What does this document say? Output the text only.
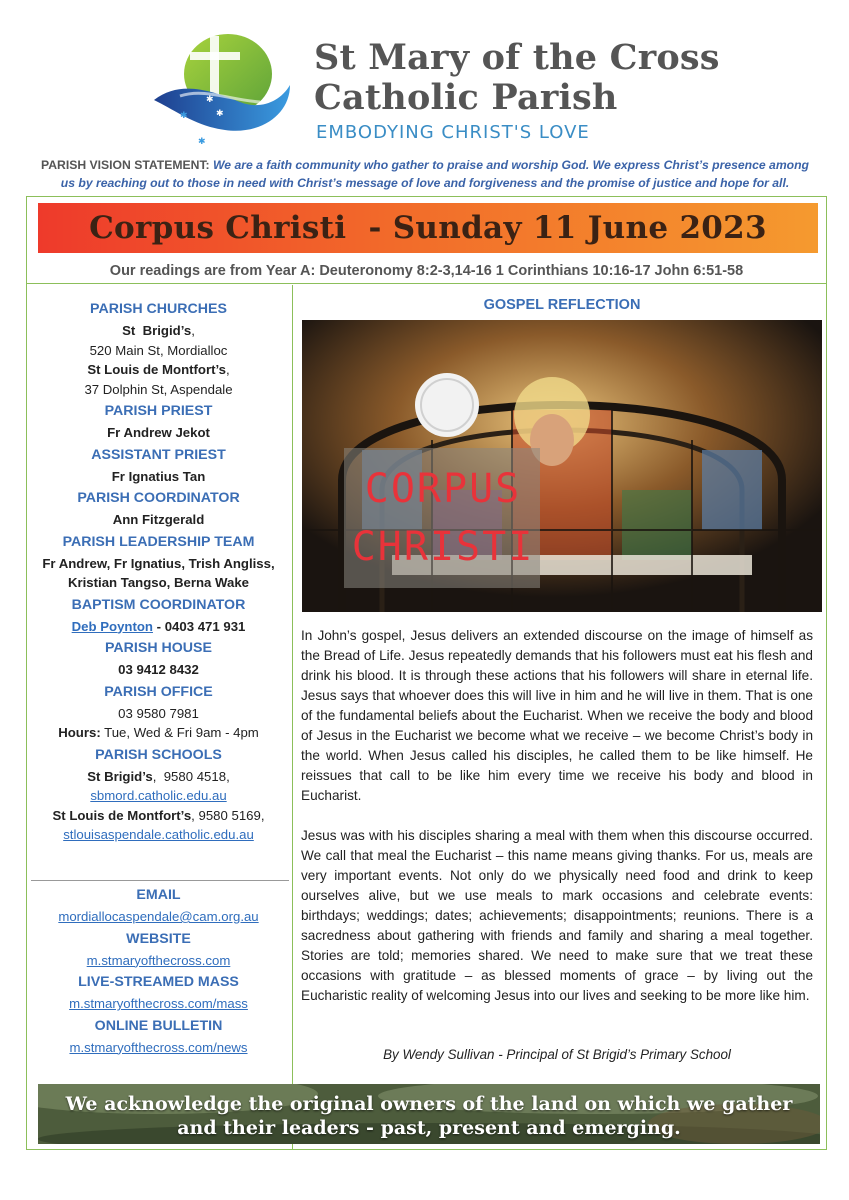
✱
✱
✱
✱
St Mary of the Cross
Catholic Parish
EMBODYING CHRIST'S LOVE
PARISH VISION STATEMENT: We are a faith community who gather to praise and worship God. We express Christ’s presence among
us by reaching out to those in need with Christ’s message of love and forgiveness and the promise of justice and hope for all.
Corpus Christi  - Sunday 11 June 2023
Our readings are from Year A: Deuteronomy 8:2-3,14-16 1 Corinthians 10:16-17 John 6:51-58
PARISH CHURCHES
St  Brigid’s,
520 Main St, Mordialloc
St Louis de Montfort’s,
37 Dolphin St, Aspendale
PARISH PRIEST
Fr Andrew Jekot
ASSISTANT PRIEST
Fr Ignatius Tan
PARISH COORDINATOR
Ann Fitzgerald
PARISH LEADERSHIP TEAM
Fr Andrew, Fr Ignatius, Trish Angliss,
Kristian Tangso, Berna Wake
BAPTISM COORDINATOR
Deb Poynton - 0403 471 931
PARISH HOUSE
03 9412 8432
PARISH OFFICE
03 9580 7981
Hours: Tue, Wed & Fri 9am - 4pm
PARISH SCHOOLS
St Brigid’s,  9580 4518,
sbmord.catholic.edu.au
St Louis de Montfort’s, 9580 5169,
stlouisaspendale.catholic.edu.au
EMAIL
mordiallocaspendale@cam.org.au
WEBSITE
m.stmaryofthecross.com
LIVE-STREAMED MASS
m.stmaryofthecross.com/mass
ONLINE BULLETIN
m.stmaryofthecross.com/news
GOSPEL REFLECTION
CORPUS CHRISTI

In John’s gospel, Jesus delivers an extended discourse on the image of himself as the Bread of Life. Jesus repeatedly demands that his followers must eat his flesh and drink his blood. It is through these actions that his followers will share in eternal life. Jesus says that whoever does this will live in him and he will live in them. That is one of the fundamental beliefs about the Eucharist. When we receive the body and blood of Jesus in the Eucharist we become what we receive – we become Christ’s body in the world. When Jesus called his disciples, he called them to be like himself. He reissues that call to be like him every time we receive his body and blood in Eucharist.

Jesus was with his disciples sharing a meal with them when this discourse occurred. We call that meal the Eucharist – this name means giving thanks. For us, meals are very important events. Not only do we physically need food and drink to keep ourselves alive, but we use meals to mark occasions and celebrate events: birthdays; weddings; dates; achievements; disappointments; reunions. There is a sacredness about gathering with friends and family and sharing a meal together. Stories are told; memories shared. We need to make sure that we treat these occasions with gratitude – as blessed moments of grace – by living out the Eucharistic reality of welcoming Jesus into our lives and seeking to be more like him.

By Wendy Sullivan - Principal of St Brigid’s Primary School
We acknowledge the original owners of the land on which we gather
and their leaders - past, present and emerging.
